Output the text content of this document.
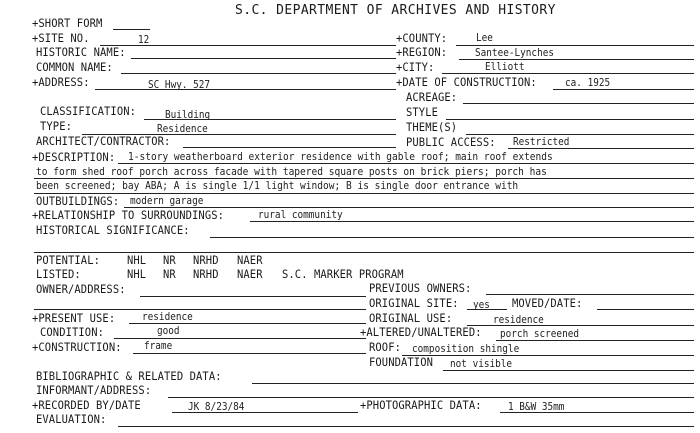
S.C. DEPARTMENT OF ARCHIVES AND HISTORY
+SHORT FORM
+SITE NO.	12	+COUNTY:	Lee
HISTORIC NAME:	+REGION:	Santee-Lynches
COMMON NAME:	+CITY:	Elliott
+ADDRESS:	SC Hwy. 527	+DATE OF CONSTRUCTION:	ca. 1925
ACREAGE:
CLASSIFICATION:	Building	STYLE
TYPE:	Residence	THEME(S)
ARCHITECT/CONTRACTOR:	PUBLIC ACCESS: Restricted
+DESCRIPTION: 1-story weatherboard exterior residence with gable roof; main roof extends
to form shed roof porch across facade with tapered square posts on brick piers; porch has
been screened; bay ABA; A is single 1/1 light window; B is single door entrance with
OUTBUILDINGS: modern garage
+RELATIONSHIP TO SURROUNDINGS:	rural community
HISTORICAL SIGNIFICANCE:
POTENTIAL: NHL NR NRHD NAER
LISTED:	NHL NR NRHD NAER S.C. MARKER PROGRAM
OWNER/ADDRESS:	PREVIOUS OWNERS:
ORIGINAL SITE: yes MOVED/DATE:
+PRESENT USE:	residence	ORIGINAL USE:	residence
CONDITION:	good	+ALTERED/UNALTERED: porch screened
+CONSTRUCTION: frame	ROOF: composition shingle
FOUNDATION not visible
BIBLIOGRAPHIC & RELATED DATA:
INFORMANT/ADDRESS:
+RECORDED BY/DATE	JK 8/23/84	+PHOTOGRAPHIC DATA:	1 B&W 35mm
EVALUATION:
